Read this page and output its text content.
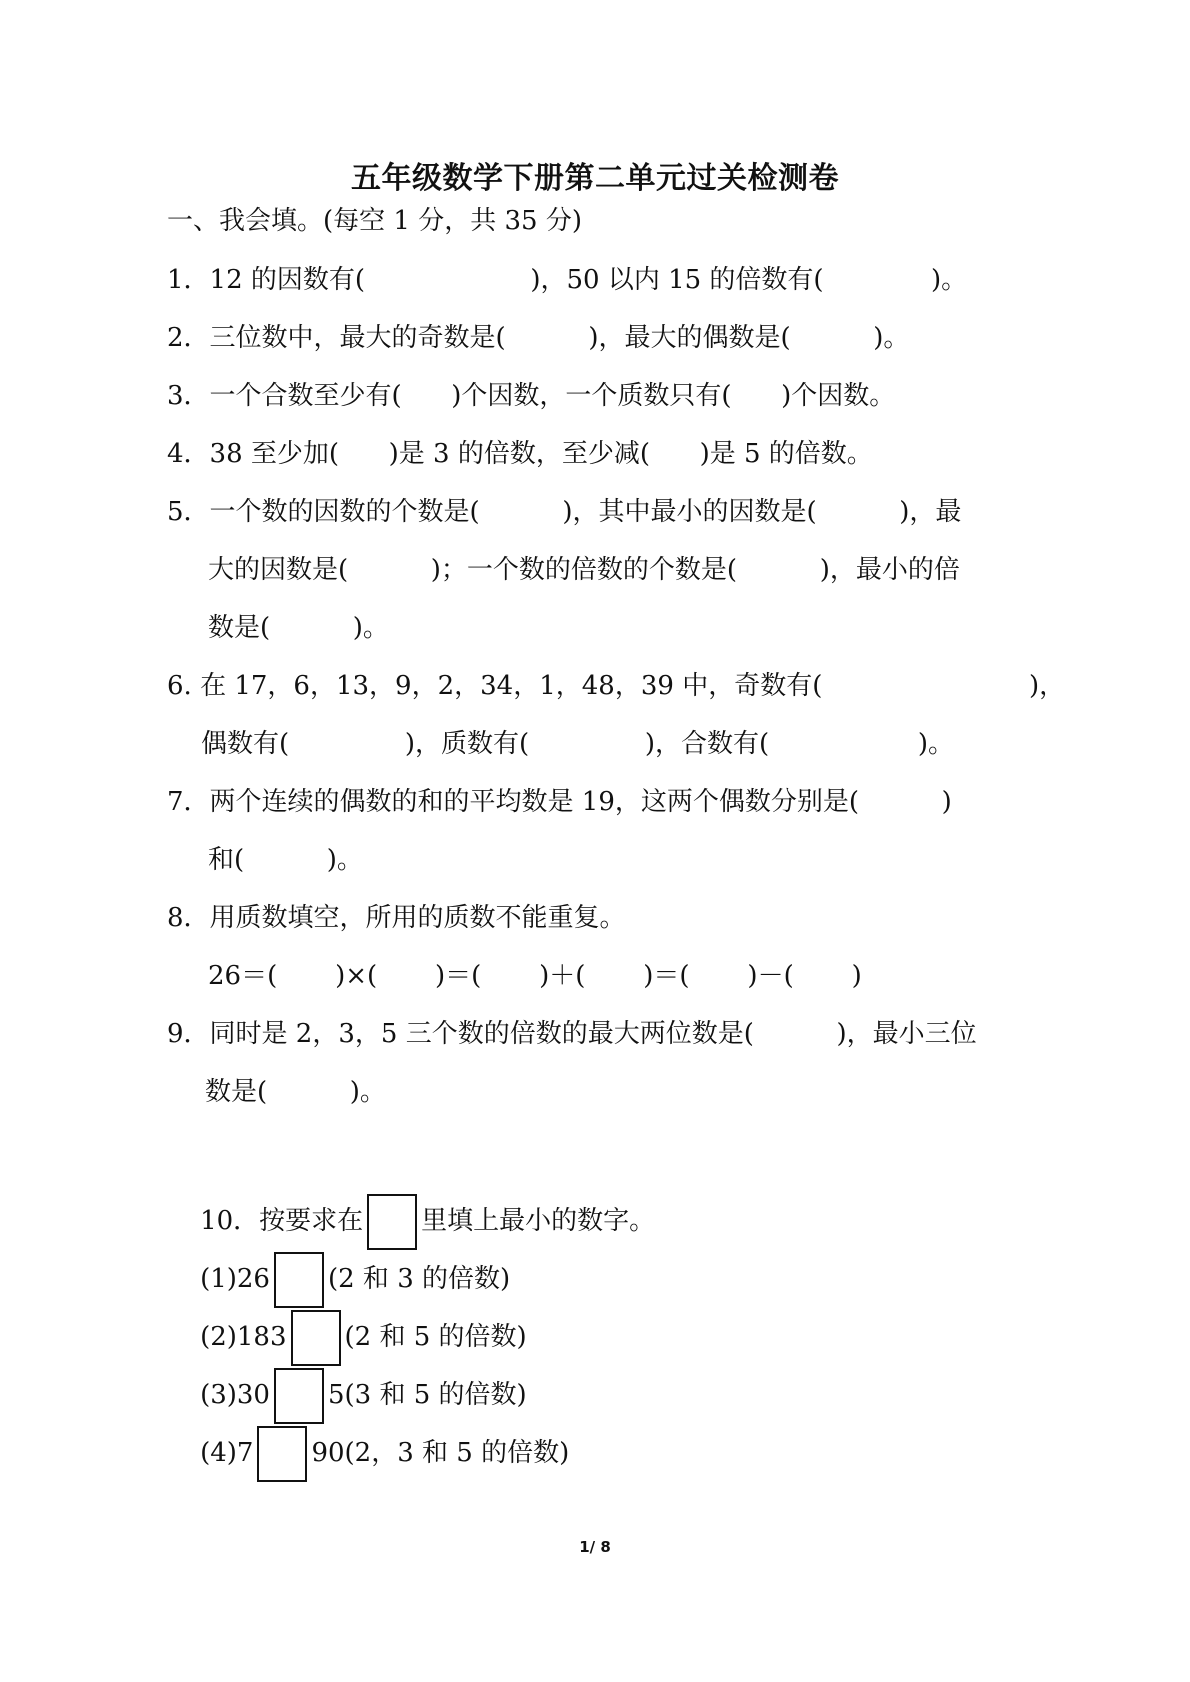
五年级数学下册第二单元过关检测卷
一、我会填。(每空 1 分，共 35 分)
1．12 的因数有(                    )，50 以内 15 的倍数有(             )。
2．三位数中，最大的奇数是(          )，最大的偶数是(          )。
3．一个合数至少有(      )个因数，一个质数只有(      )个因数。
4．38 至少加(      )是 3 的倍数，至少减(      )是 5 的倍数。
5．一个数的因数的个数是(          )，其中最小的因数是(          )，最
大的因数是(          )；一个数的倍数的个数是(          )，最小的倍
数是(          )。
6. 在 17，6，13，9，2，34，1，48，39 中，奇数有(                         )，
偶数有(              )，质数有(              )，合数有(                  )。
7．两个连续的偶数的和的平均数是 19，这两个偶数分别是(          )
和(          )。
8．用质数填空，所用的质数不能重复。
26＝(       )×(       )＝(       )＋(       )＝(       )－(       )
9．同时是 2，3，5 三个数的倍数的最大两位数是(          )，最小三位
数是(          )。

10．按要求在 里填上最小的数字。

(1)26 (2 和 3 的倍数)

(2)183 (2 和 5 的倍数)

(3)30 5(3 和 5 的倍数)

(4)7 90(2，3 和 5 的倍数)

1/ 8
